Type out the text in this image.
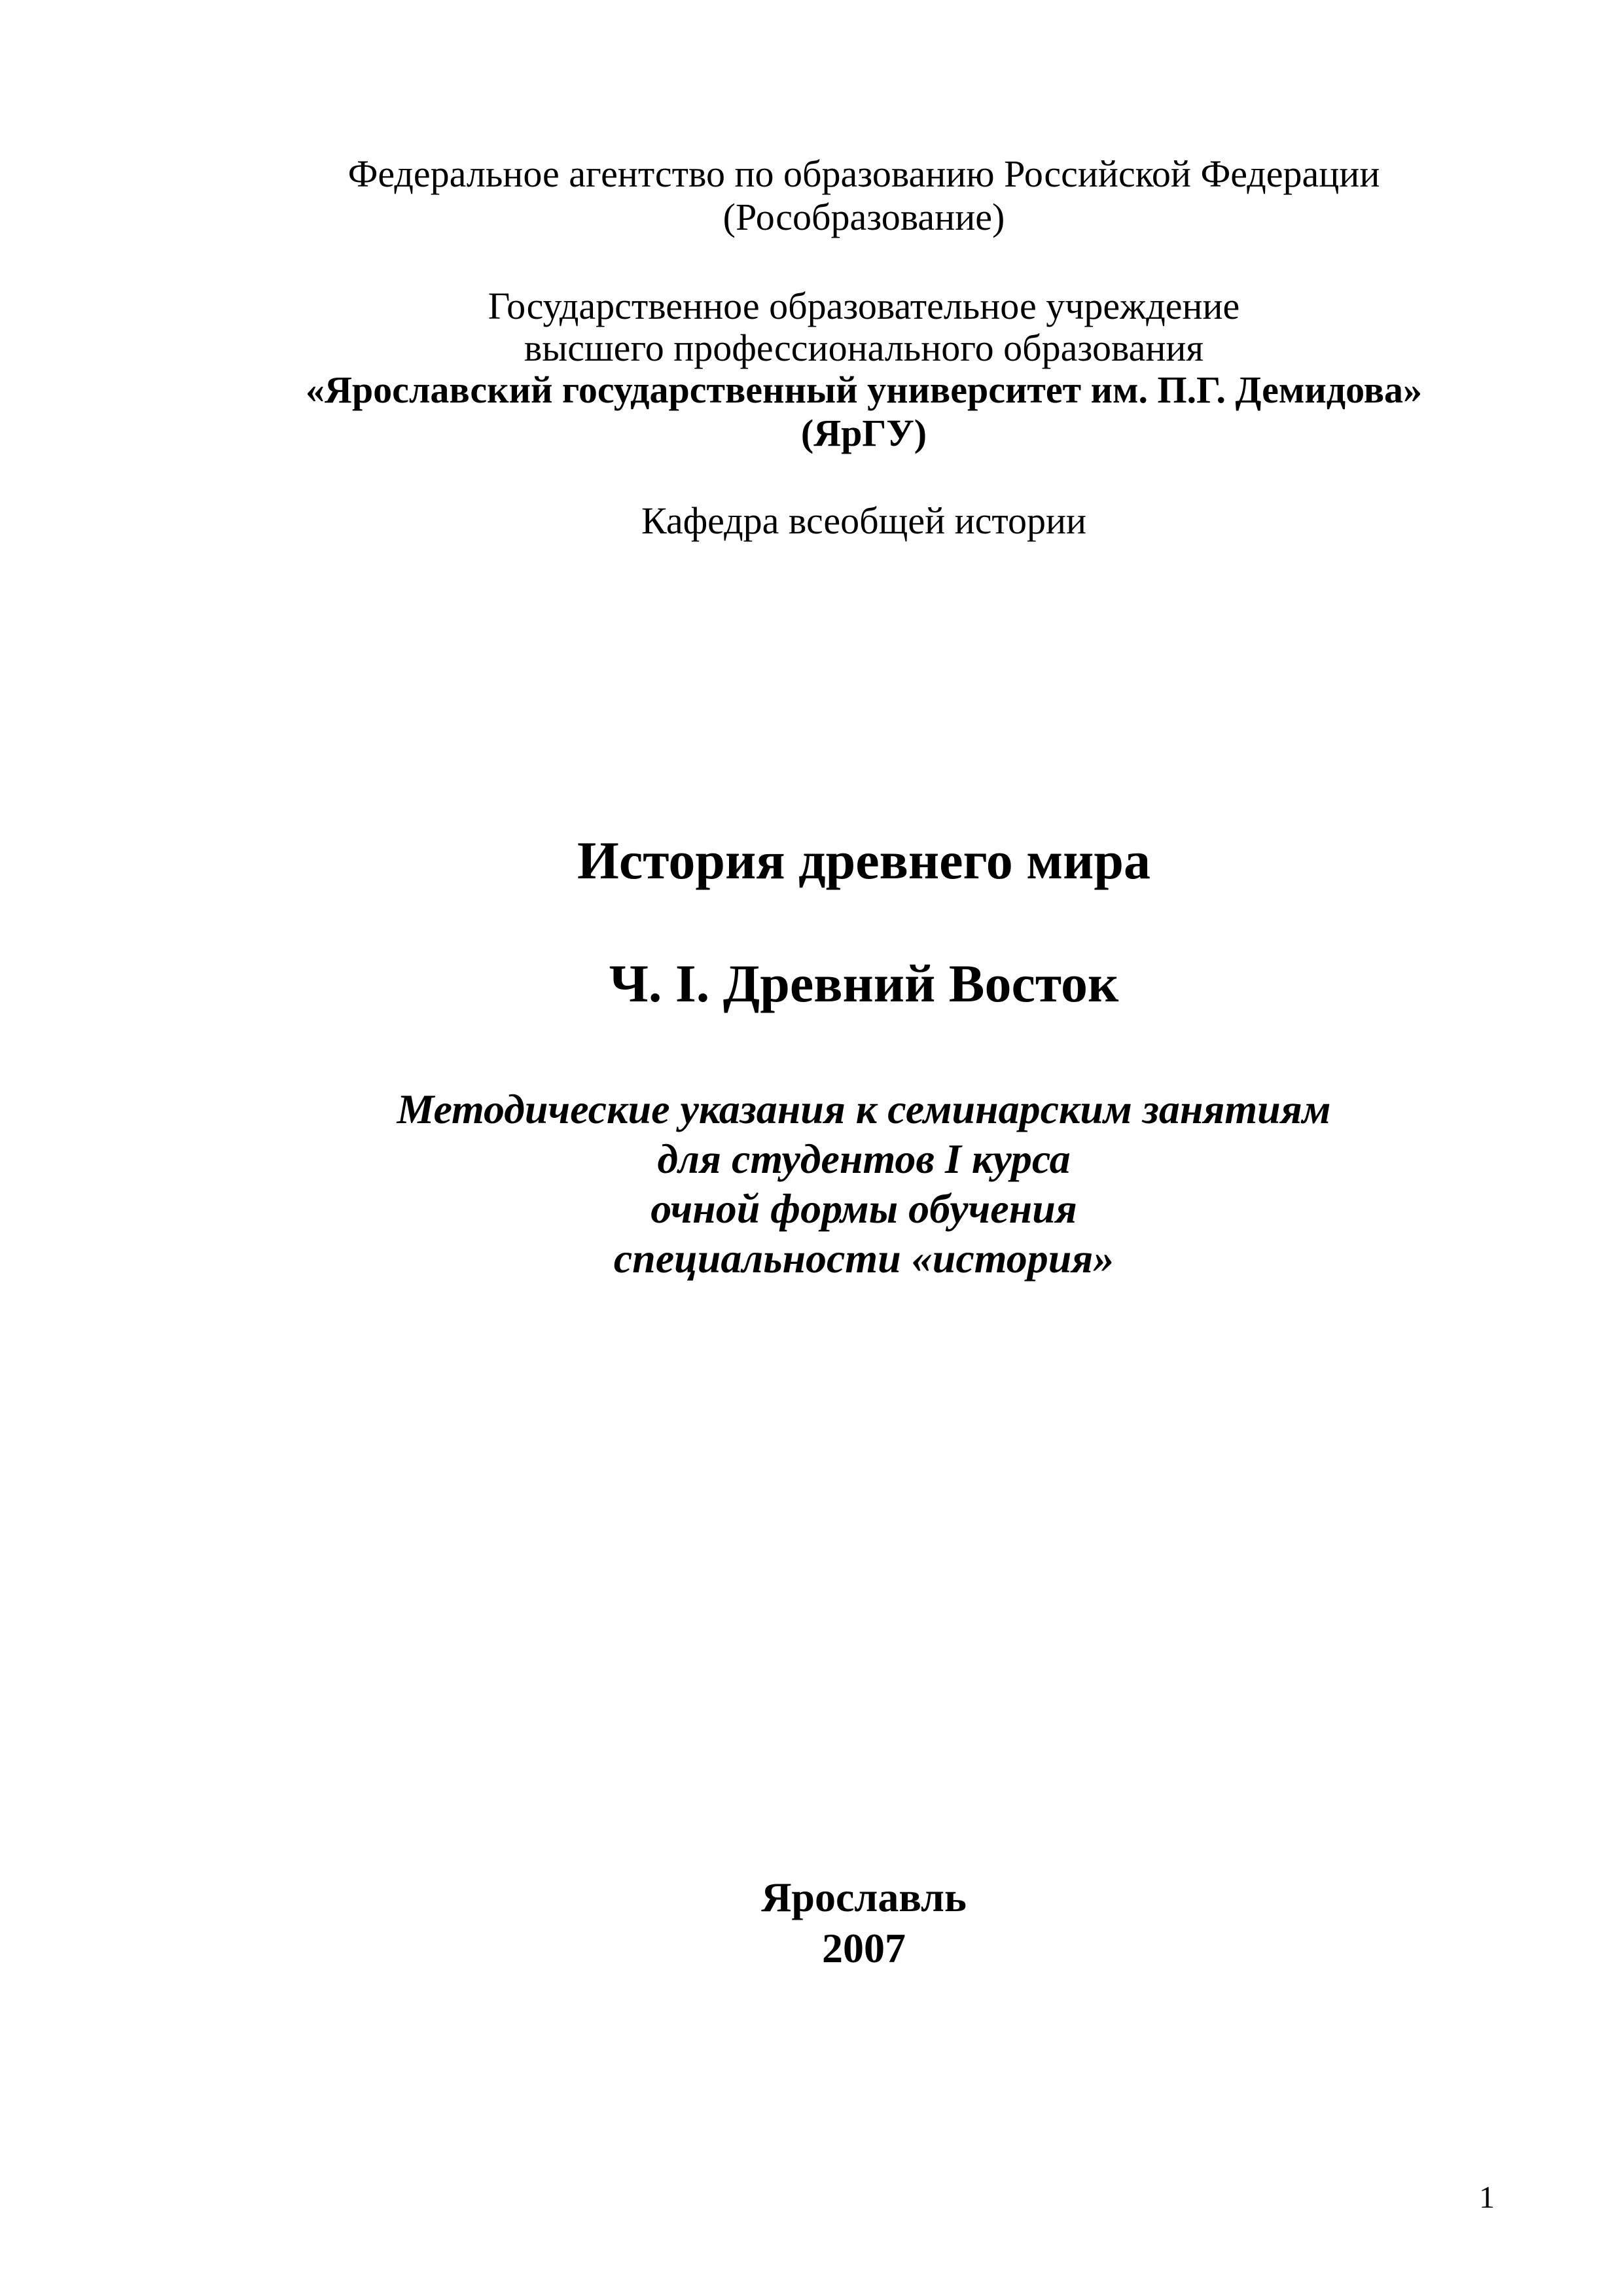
Федеральное агентство по образованию Российской Федерации
(Рособразование)
Государственное образовательное учреждение
высшего профессионального образования
«Ярославский государственный университет им. П.Г. Демидова»
(ЯрГУ)
Кафедра всеобщей истории
История древнего мира
Ч. I. Древний Восток
Методические указания к семинарским занятиям
для студентов I курса
очной формы обучения
специальности «история»
Ярославль
2007
1
